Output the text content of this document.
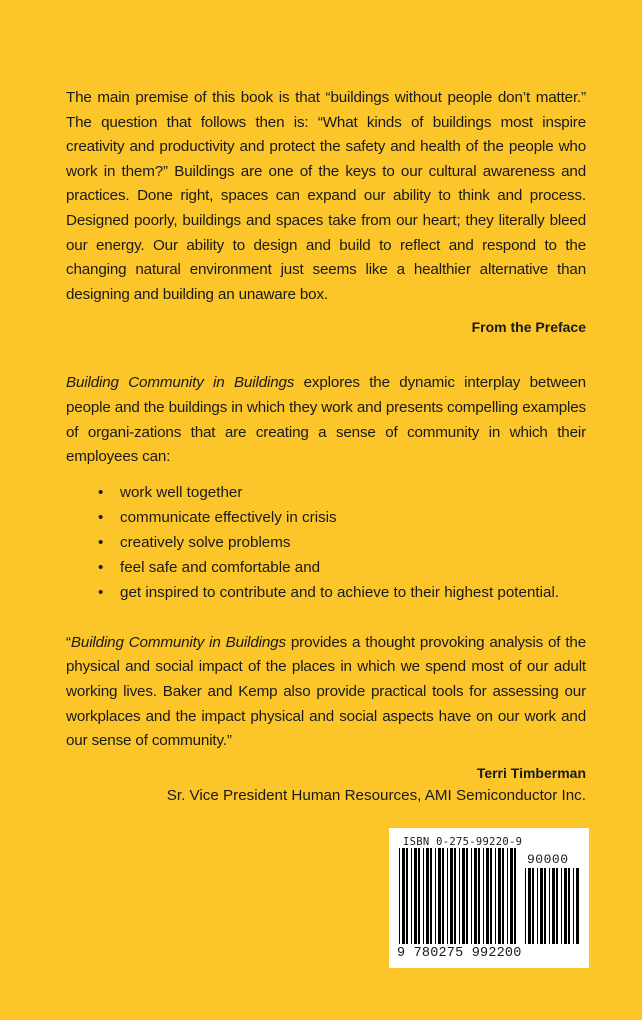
The main premise of this book is that “buildings without people don’t matter.” The question that follows then is: “What kinds of buildings most inspire creativity and productivity and protect the safety and health of the people who work in them?” Buildings are one of the keys to our cultural awareness and practices. Done right, spaces can expand our ability to think and process. Designed poorly, buildings and spaces take from our heart; they literally bleed our energy. Our ability to design and build to reflect and respond to the changing natural environment just seems like a healthier alternative than designing and building an unaware box.

From the Preface

Building Community in Buildings explores the dynamic interplay between people and the buildings in which they work and presents compelling examples of organi-zations that are creating a sense of community in which their employees can:

• work well together
• communicate effectively in crisis
• creatively solve problems
• feel safe and comfortable and
• get inspired to contribute and to achieve to their highest potential.

“Building Community in Buildings provides a thought provoking analysis of the physical and social impact of the places in which we spend most of our adult working lives. Baker and Kemp also provide practical tools for assessing our workplaces and the impact physical and social aspects have on our work and our sense of community.”

Terri Timberman
Sr. Vice President Human Resources, AMI Semiconductor Inc.
ISBN 0-275-99220-9
90000
9 780275 992200
